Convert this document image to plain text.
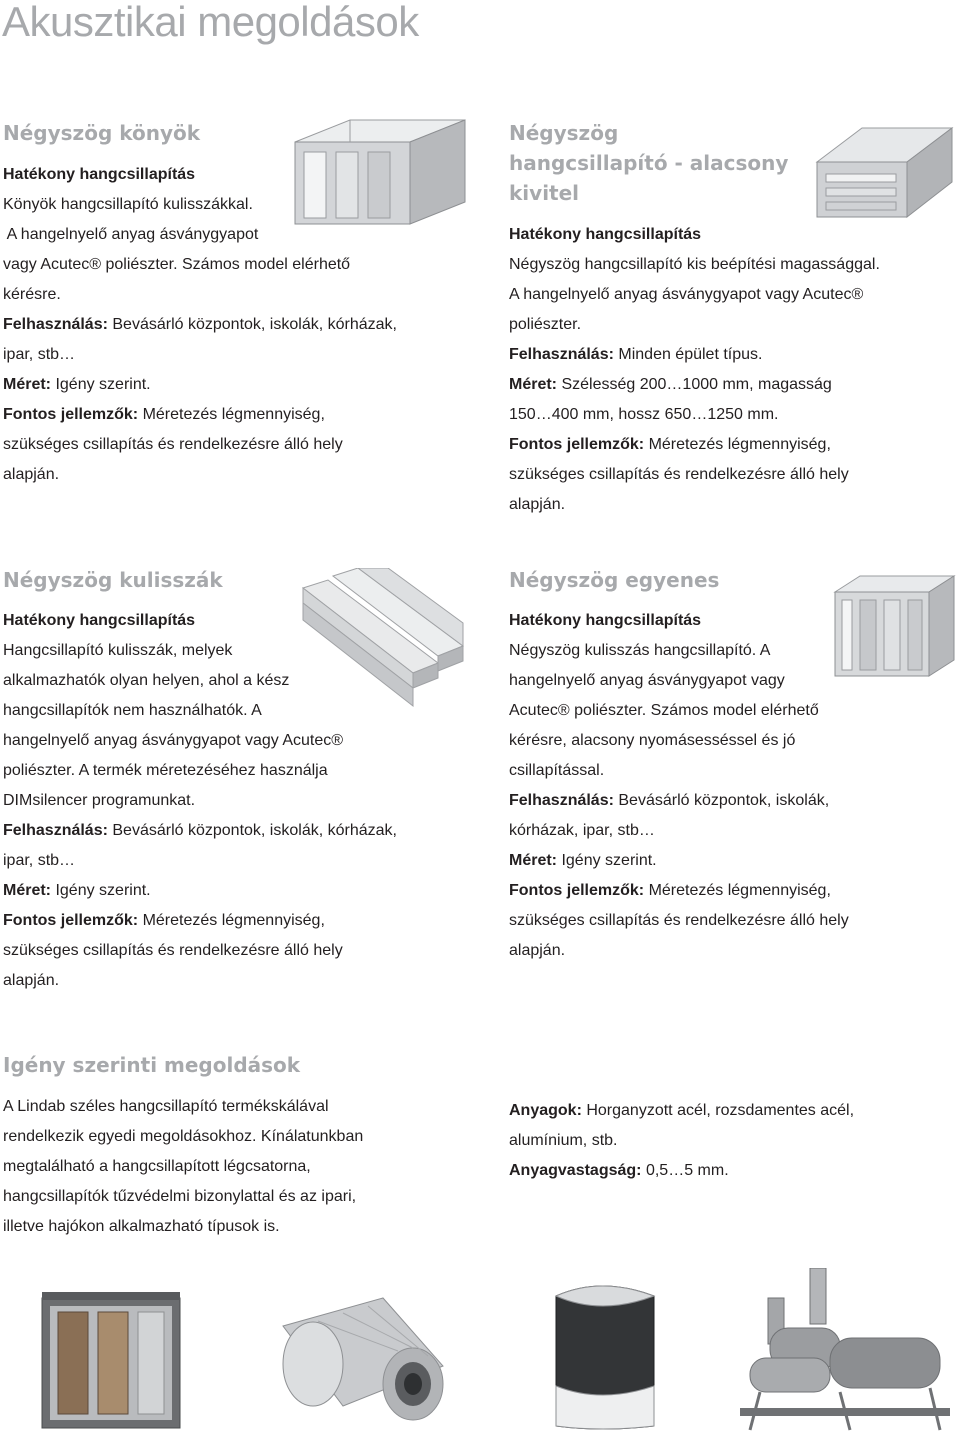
Akusztikai megoldások
Négyszög könyök
Hatékony hangcsillapítás
Könyök hangcsillapító kulisszákkal.
A hangelnyelő anyag ásványgyapot
vagy Acutec® poliészter. Számos model elérhető
kérésre.
Felhasználás: Bevásárló központok, iskolák, kórházak,
ipar, stb…
Méret: Igény szerint.
Fontos jellemzők: Méretezés légmennyiség,
szükséges csillapítás és rendelkezésre álló hely
alapján.
Négyszög
hangcsillapító - alacsony
kivitel
Hatékony hangcsillapítás
Négyszög hangcsillapító kis beépítési magassággal.
A hangelnyelő anyag ásványgyapot vagy Acutec®
poliészter.
Felhasználás: Minden épület típus.
Méret: Szélesség 200…1000 mm, magasság
150…400 mm, hossz 650…1250 mm.
Fontos jellemzők: Méretezés légmennyiség,
szükséges csillapítás és rendelkezésre álló hely
alapján.
Négyszög kulisszák
Hatékony hangcsillapítás
Hangcsillapító kulisszák, melyek
alkalmazhatók olyan helyen, ahol a kész
hangcsillapítók nem használhatók. A
hangelnyelő anyag ásványgyapot vagy Acutec®
poliészter. A termék méretezéséhez használja
DIMsilencer programunkat.
Felhasználás: Bevásárló központok, iskolák, kórházak,
ipar, stb…
Méret: Igény szerint.
Fontos jellemzők: Méretezés légmennyiség,
szükséges csillapítás és rendelkezésre álló hely
alapján.
Négyszög egyenes
Hatékony hangcsillapítás
Négyszög kulisszás hangcsillapító. A
hangelnyelő anyag ásványgyapot vagy
Acutec® poliészter. Számos model elérhető
kérésre, alacsony nyomásesséssel és jó
csillapítással.
Felhasználás: Bevásárló központok, iskolák,
kórházak, ipar, stb…
Méret: Igény szerint.
Fontos jellemzők: Méretezés légmennyiség,
szükséges csillapítás és rendelkezésre álló hely
alapján.
Igény szerinti megoldások
A Lindab széles hangcsillapító termékskálával
rendelkezik egyedi megoldásokhoz. Kínálatunkban
megtalálható a hangcsillapított légcsatorna,
hangcsillapítók tűzvédelmi bizonylattal és az ipari,
illetve hajókon alkalmazható típusok is.
Anyagok: Horganyzott acél, rozsdamentes acél,
alumínium, stb.
Anyagvastagság: 0,5…5 mm.
